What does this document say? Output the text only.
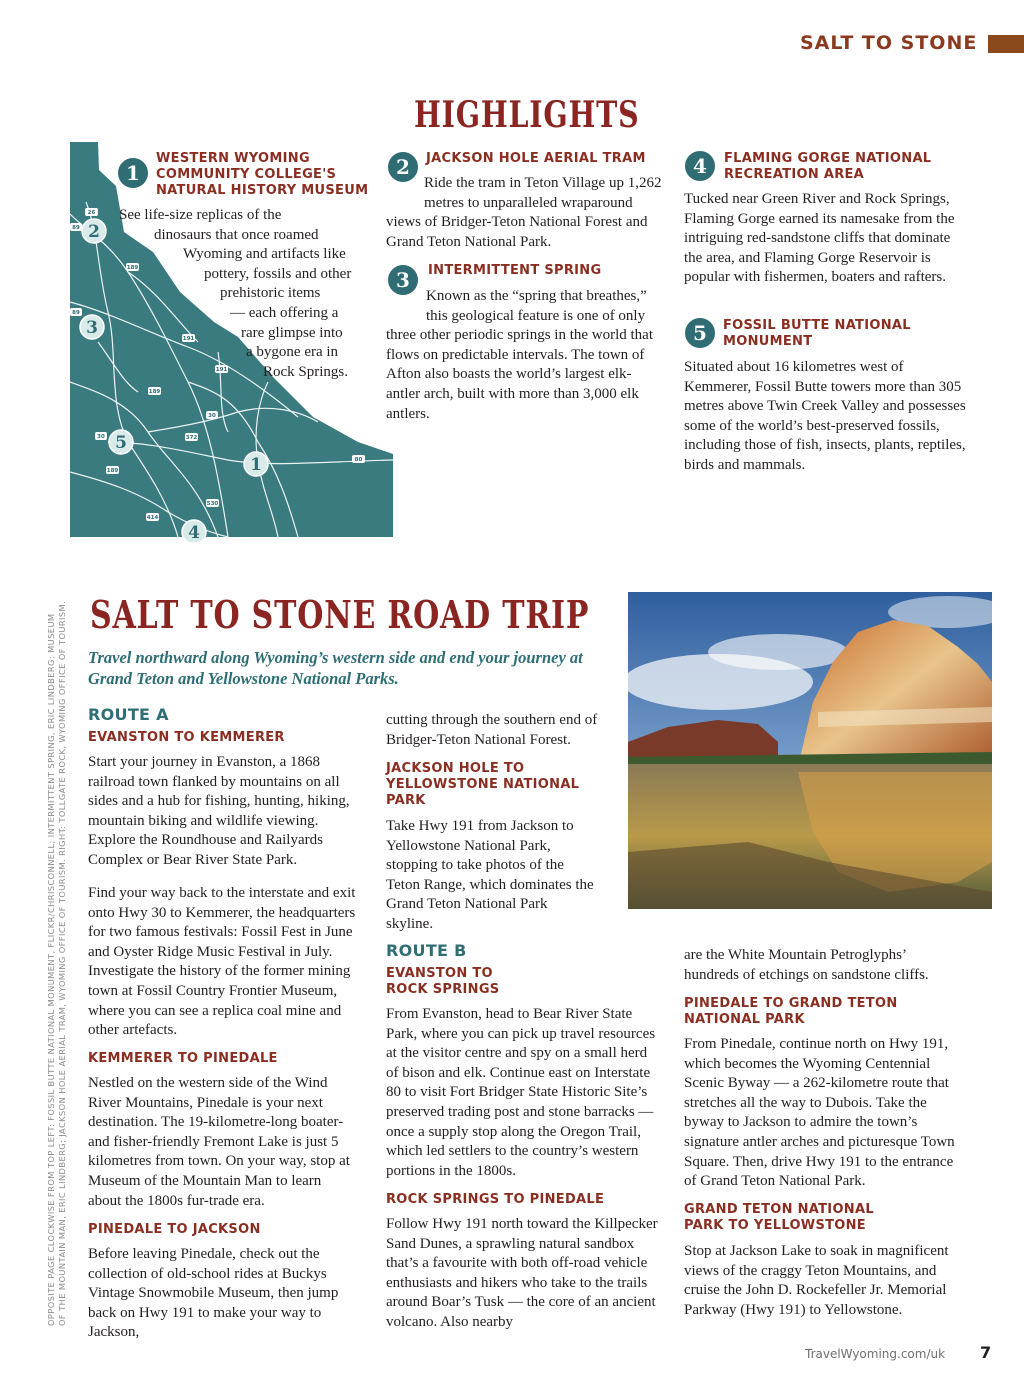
SALT TO STONE
HIGHLIGHTS
26
89
189
191
89
189
30
80
191
189
414
530
30
372
1
2
3
4
5
1

WESTERN WYOMING COMMUNITY COLLEGE'S NATURAL HISTORY MUSEUM

See life-size replicas of the
dinosaurs that once roamed
Wyoming and artifacts like
pottery, fossils and other
prehistoric items
— each offering a
rare glimpse into
a bygone era in
Rock Springs.
2	JACKSON HOLE AERIAL TRAM

Ride the tram in Teton Village up 1,262 metres to unparalleled wraparound views of Bridger-Teton National Forest and Grand Teton National Park.

3	INTERMITTENT SPRING

Known as the “spring that breathes,” this geological feature is one of only three other periodic springs in the world that flows on predictable intervals. The town of Afton also boasts the world’s largest elk-antler arch, built with more than 3,000 elk antlers.

4	FLAMING GORGE NATIONAL RECREATION AREA

Tucked near Green River and Rock Springs, Flaming Gorge earned its namesake from the intriguing red-sandstone cliffs that dominate the area, and Flaming Gorge Reservoir is popular with fishermen, boaters and rafters.

5	FOSSIL BUTTE NATIONAL MONUMENT

Situated about 16 kilometres west of Kemmerer, Fossil Butte towers more than 305 metres above Twin Creek Valley and possesses some of the world’s best-preserved fossils, including those of fish, insects, plants, reptiles, birds and mammals.

OPPOSITE PAGE CLOCKWISE FROM TOP LEFT: FOSSIL BUTTE NATIONAL MONUMENT, FLICKR/CHRISCONNELL; INTERMITTENT SPRING, ERIC LINDBERG; MUSEUM OF THE MOUNTAIN MAN, ERIC LINDBERG; JACKSON HOLE AERIAL TRAM, WYOMING OFFICE OF TOURISM. RIGHT: TOLLGATE ROCK, WYOMING OFFICE OF TOURISM. SALT TO STONE ROAD TRIP

Travel northward along Wyoming’s western side and end your journey at Grand Teton and Yellowstone National Parks.

ROUTE A

EVANSTON TO KEMMERER

Start your journey in Evanston, a 1868 railroad town flanked by mountains on all sides and a hub for fishing, hunting, hiking, mountain biking and wildlife viewing. Explore the Roundhouse and Railyards Complex or Bear River State Park.

Find your way back to the interstate and exit onto Hwy 30 to Kemmerer, the headquarters for two famous festivals: Fossil Fest in June and Oyster Ridge Music Festival in July. Investigate the history of the former mining town at Fossil Country Frontier Museum, where you can see a replica coal mine and other artefacts.

KEMMERER TO PINEDALE

Nestled on the western side of the Wind River Mountains, Pinedale is your next destination. The 19-kilometre-long boater- and fisher-friendly Fremont Lake is just 5 kilometres from town. On your way, stop at Museum of the Mountain Man to learn about the 1800s fur-trade era.

PINEDALE TO JACKSON

Before leaving Pinedale, check out the collection of old-school rides at Buckys Vintage Snowmobile Museum, then jump back on Hwy 191 to make your way to Jackson,

cutting through the southern end of Bridger-Teton National Forest.

JACKSON HOLE TO YELLOWSTONE NATIONAL PARK

Take Hwy 191 from Jackson to Yellowstone National Park, stopping to take photos of the Teton Range, which dominates the Grand Teton National Park skyline.

ROUTE B

EVANSTON TO ROCK SPRINGS

From Evanston, head to Bear River State Park, where you can pick up travel resources at the visitor centre and spy on a small herd of bison and elk. Continue east on Interstate 80 to visit Fort Bridger State Historic Site’s preserved trading post and stone barracks — once a supply stop along the Oregon Trail, which led settlers to the country’s western portions in the 1800s.

ROCK SPRINGS TO PINEDALE

Follow Hwy 191 north toward the Killpecker Sand Dunes, a sprawling natural sandbox that’s a favourite with both off-road vehicle enthusiasts and hikers who take to the trails around Boar’s Tusk — the core of an ancient volcano. Also nearby

are the White Mountain Petroglyphs’ hundreds of etchings on sandstone cliffs.

PINEDALE TO GRAND TETON NATIONAL PARK

From Pinedale, continue north on Hwy 191, which becomes the Wyoming Centennial Scenic Byway — a 262-kilometre route that stretches all the way to Dubois. Take the byway to Jackson to admire the town’s signature antler arches and picturesque Town Square. Then, drive Hwy 191 to the entrance of Grand Teton National Park.

GRAND TETON NATIONAL PARK TO YELLOWSTONE

Stop at Jackson Lake to soak in magnificent views of the craggy Teton Mountains, and cruise the John D. Rockefeller Jr. Memorial Parkway (Hwy 191) to Yellowstone.

TravelWyoming.com/uk 7
